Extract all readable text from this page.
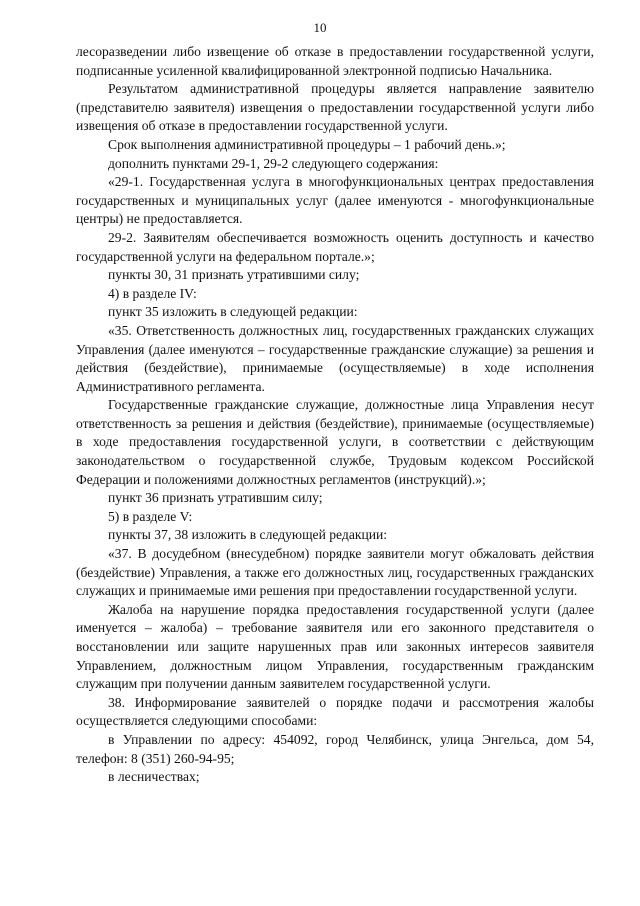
10

лесоразведении либо извещение об отказе в предоставлении государственной услуги, подписанные усиленной квалифицированной электронной подписью Начальника.

Результатом административной процедуры является направление заявителю (представителю заявителя) извещения о предоставлении государственной услуги либо извещения об отказе в предоставлении государственной услуги.

Срок выполнения административной процедуры – 1 рабочий день.»;

дополнить пунктами 29-1, 29-2 следующего содержания:

«29-1. Государственная услуга в многофункциональных центрах предоставления государственных и муниципальных услуг (далее именуются - многофункциональные центры) не предоставляется.

29-2. Заявителям обеспечивается возможность оценить доступность и качество государственной услуги на федеральном портале.»;

пункты 30, 31 признать утратившими силу;

4) в разделе IV:

пункт 35 изложить в следующей редакции:

«35. Ответственность должностных лиц, государственных гражданских служащих Управления (далее именуются – государственные гражданские служащие) за решения и действия (бездействие), принимаемые (осуществляемые) в ходе исполнения Административного регламента.

Государственные гражданские служащие, должностные лица Управления несут ответственность за решения и действия (бездействие), принимаемые (осуществляемые) в ходе предоставления государственной услуги, в соответствии с действующим законодательством о государственной службе, Трудовым кодексом Российской Федерации и положениями должностных регламентов (инструкций).»;

пункт 36 признать утратившим силу;

5) в разделе V:

пункты 37, 38 изложить в следующей редакции:

«37. В досудебном (внесудебном) порядке заявители могут обжаловать действия (бездействие) Управления, а также его должностных лиц, государственных гражданских служащих и принимаемые ими решения при предоставлении государственной услуги.

Жалоба на нарушение порядка предоставления государственной услуги (далее именуется – жалоба) – требование заявителя или его законного представителя о восстановлении или защите нарушенных прав или законных интересов заявителя Управлением, должностным лицом Управления, государственным гражданским служащим при получении данным заявителем государственной услуги.

38. Информирование заявителей о порядке подачи и рассмотрения жалобы осуществляется следующими способами:

в Управлении по адресу: 454092, город Челябинск, улица Энгельса, дом 54, телефон: 8 (351) 260-94-95;

в лесничествах;
